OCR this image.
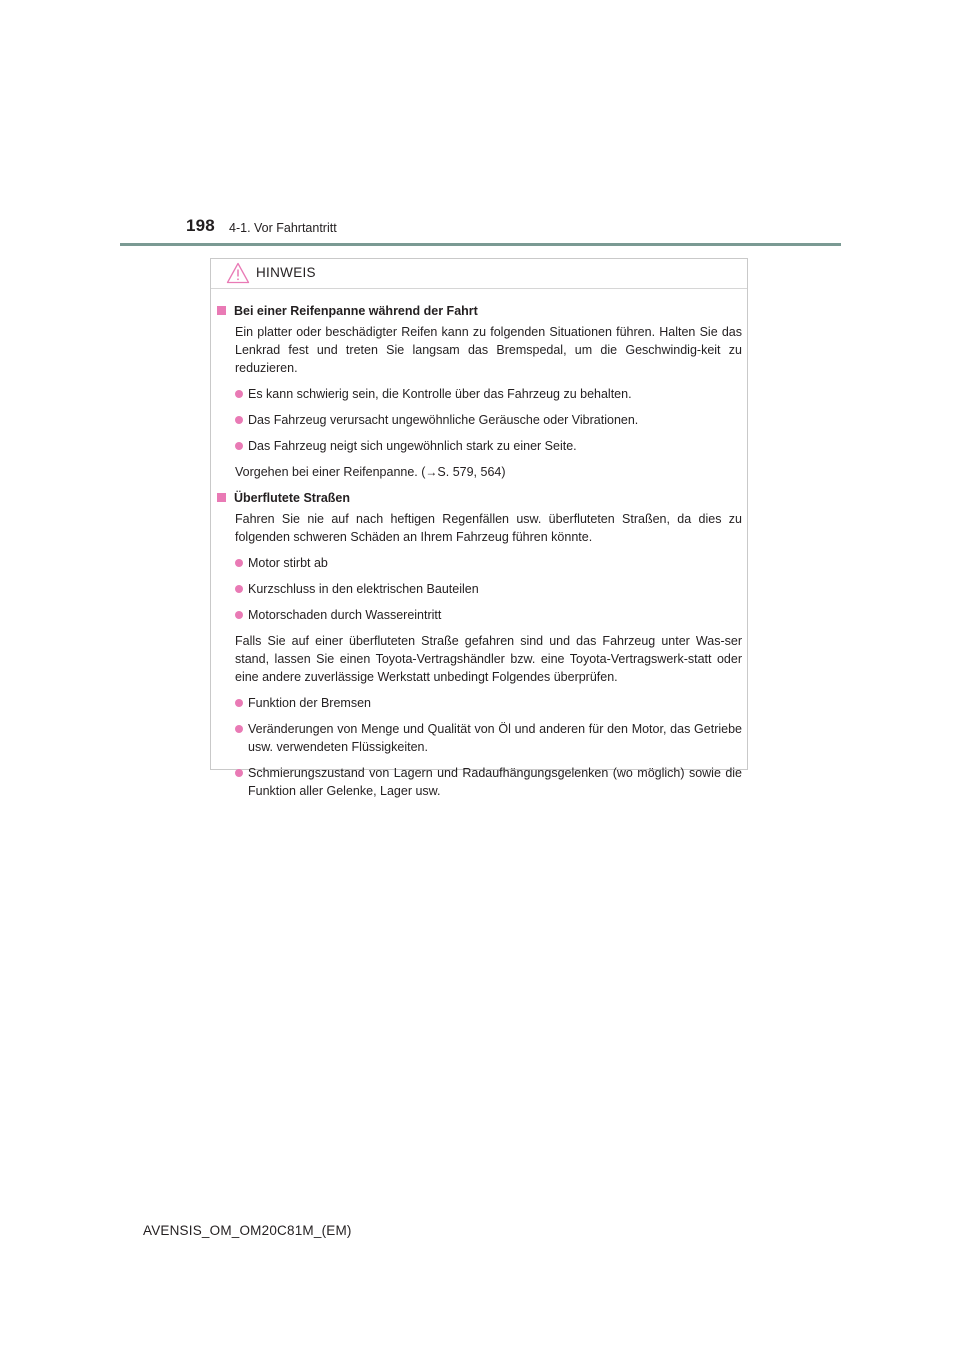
198 4-1. Vor Fahrtantritt
HINWEIS
Bei einer Reifenpanne während der Fahrt

Ein platter oder beschädigter Reifen kann zu folgenden Situationen führen. Halten Sie das Lenkrad fest und treten Sie langsam das Bremspedal, um die Geschwindig-keit zu reduzieren.

Es kann schwierig sein, die Kontrolle über das Fahrzeug zu behalten.
Das Fahrzeug verursacht ungewöhnliche Geräusche oder Vibrationen.
Das Fahrzeug neigt sich ungewöhnlich stark zu einer Seite.

Vorgehen bei einer Reifenpanne. (→S. 579, 564)

Überflutete Straßen

Fahren Sie nie auf nach heftigen Regenfällen usw. überfluteten Straßen, da dies zu folgenden schweren Schäden an Ihrem Fahrzeug führen könnte.

Motor stirbt ab
Kurzschluss in den elektrischen Bauteilen
Motorschaden durch Wassereintritt

Falls Sie auf einer überfluteten Straße gefahren sind und das Fahrzeug unter Was-ser stand, lassen Sie einen Toyota-Vertragshändler bzw. eine Toyota-Vertragswerk-statt oder eine andere zuverlässige Werkstatt unbedingt Folgendes überprüfen.

Funktion der Bremsen
Veränderungen von Menge und Qualität von Öl und anderen für den Motor, das Getriebe usw. verwendeten Flüssigkeiten.
Schmierungszustand von Lagern und Radaufhängungsgelenken (wo möglich) sowie die Funktion aller Gelenke, Lager usw.
AVENSIS_OM_OM20C81M_(EM)
